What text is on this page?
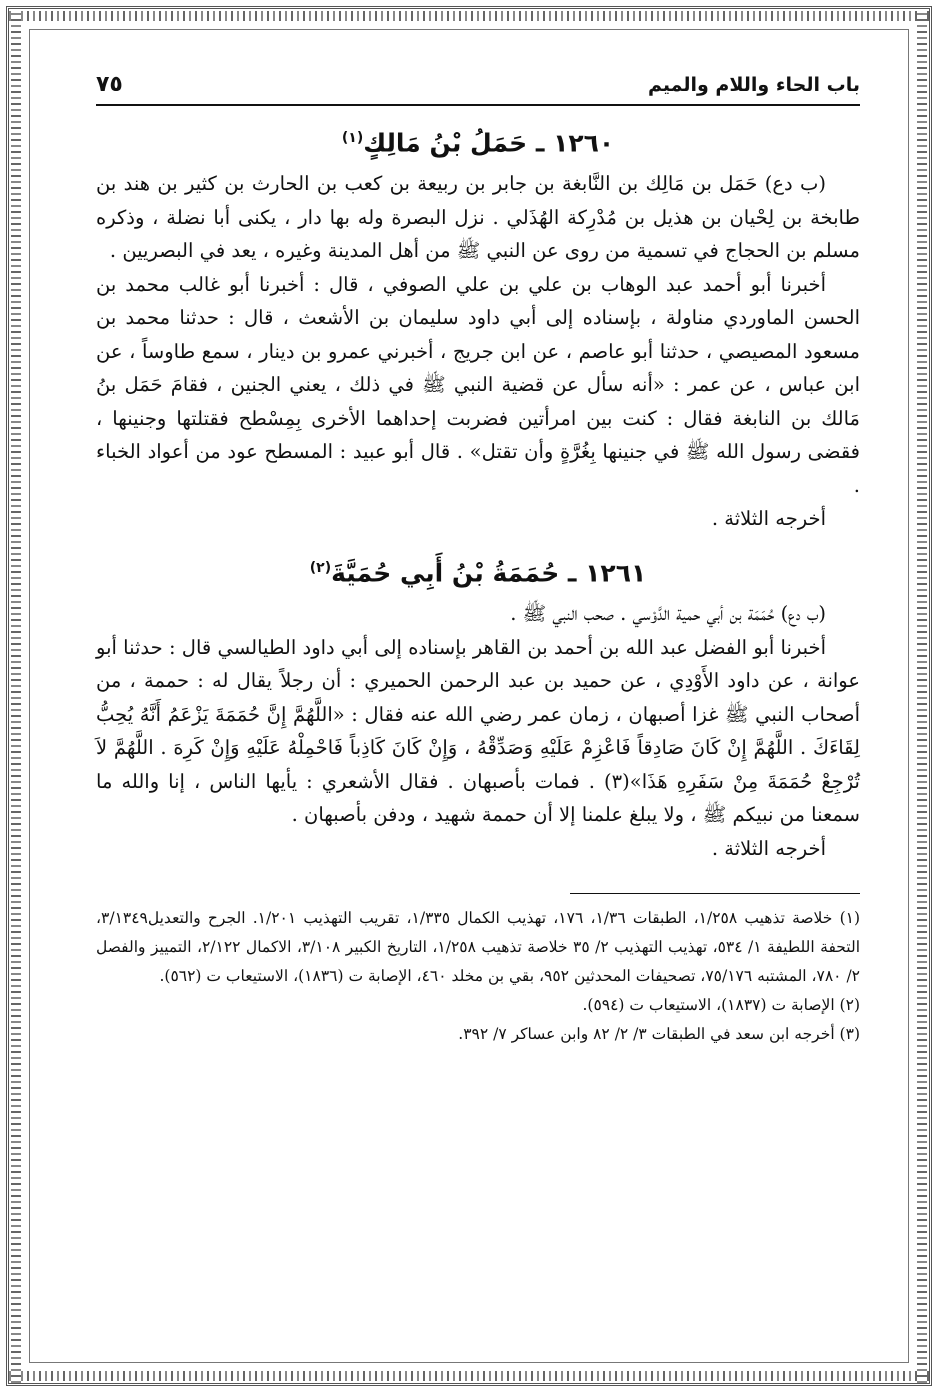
باب الحاء واللام والميم
٧٥
١٢٦٠ ـ حَمَلُ بْنُ مَالِكٍ$^{(١)}$

(ب دع) حَمَل بن مَالِك بن النَّابغة بن جابر بن ربيعة بن كعب بن الحارث بن كثير بن هند بن طابخة بن لِحْيان بن هذيل بن مُدْرِكة الهُذَلي . نزل البصرة وله بها دار ، يكنى أبا نضلة ، وذكره مسلم بن الحجاج في تسمية من روى عن النبي ﷺ من أهل المدينة وغيره ، يعد في البصريين .

أخبرنا أبو أحمد عبد الوهاب بن علي بن علي الصوفي ، قال : أخبرنا أبو غالب محمد بن الحسن الماوردي مناولة ، بإسناده إلى أبي داود سليمان بن الأشعث ، قال : حدثنا محمد بن مسعود المصيصي ، حدثنا أبو عاصم ، عن ابن جريج ، أخبرني عمرو بن دينار ، سمع طاوساً ، عن ابن عباس ، عن عمر : «أنه سأل عن قضية النبي ﷺ في ذلك ، يعني الجنين ، فقامَ حَمَل بنُ مَالك بن النابغة فقال : كنت بين امرأتين فضربت إحداهما الأخرى بِمِسْطح فقتلتها وجنينها ، فقضى رسول الله ﷺ في جنينها بِغُرَّةٍ وأن تقتل» . قال أبو عبيد : المسطح عود من أعواد الخباء .

أخرجه الثلاثة .

١٢٦١ ـ حُمَمَةُ بْنُ أَبِي حُمَيَّةَ$^{(٢)}$

(ب دع) حُمَمَة بن أبي حمية الدَّوْسي . صحب النبي ﷺ .

أخبرنا أبو الفضل عبد الله بن أحمد بن القاهر بإسناده إلى أبي داود الطيالسي قال : حدثنا أبو عوانة ، عن داود الأَوْدِي ، عن حميد بن عبد الرحمن الحميري : أن رجلاً يقال له : حممة ، من أصحاب النبي ﷺ غزا أصبهان ، زمان عمر رضي الله عنه فقال : «اللَّهُمَّ إِنَّ حُمَمَةَ يَزْعَمُ أَنَّهُ يُحِبُّ لِقَاءَكَ . اللَّهُمَّ إِنْ كَانَ صَادِقاً فَاعْزِمْ عَلَيْهِ وَصَدِّقْهُ ، وَإِنْ كَانَ كَاذِباً فَاحْمِلْهُ عَلَيْهِ وَإِنْ كَرِهَ . اللَّهُمَّ لاَ تُرْجِعْ حُمَمَةَ مِنْ سَفَرِهِ هَذَا»(٣) . فمات بأصبهان . فقال الأشعري : يأيها الناس ، إنا والله ما سمعنا من نبيكم ﷺ ، ولا يبلغ علمنا إلا أن حممة شهيد ، ودفن بأصبهان .

أخرجه الثلاثة .

(١) خلاصة تذهيب ١/٢٥٨، الطبقات ١/٣٦، ١٧٦، تهذيب الكمال ١/٣٣٥، تقريب التهذيب ١/٢٠١. الجرح والتعديل٣/١٣٤٩، التحفة اللطيفة ١/ ٥٣٤، تهذيب التهذيب ٢/ ٣٥ خلاصة تذهيب ١/٢٥٨، التاريخ الكبير ٣/١٠٨، الاكمال ٢/١٢٢، التمييز والفصل ٢/ ٧٨٠، المشتبه ٧٥/١٧٦، تصحيفات المحدثين ٩٥٢، بقي بن مخلد ٤٦٠، الإصابة ت (١٨٣٦)، الاستيعاب ت (٥٦٢).

(٢) الإصابة ت (١٨٣٧)، الاستيعاب ت (٥٩٤).

(٣) أخرجه ابن سعد في الطبقات ٣/ ٢/ ٨٢ وابن عساكر ٧/ ٣٩٢.
